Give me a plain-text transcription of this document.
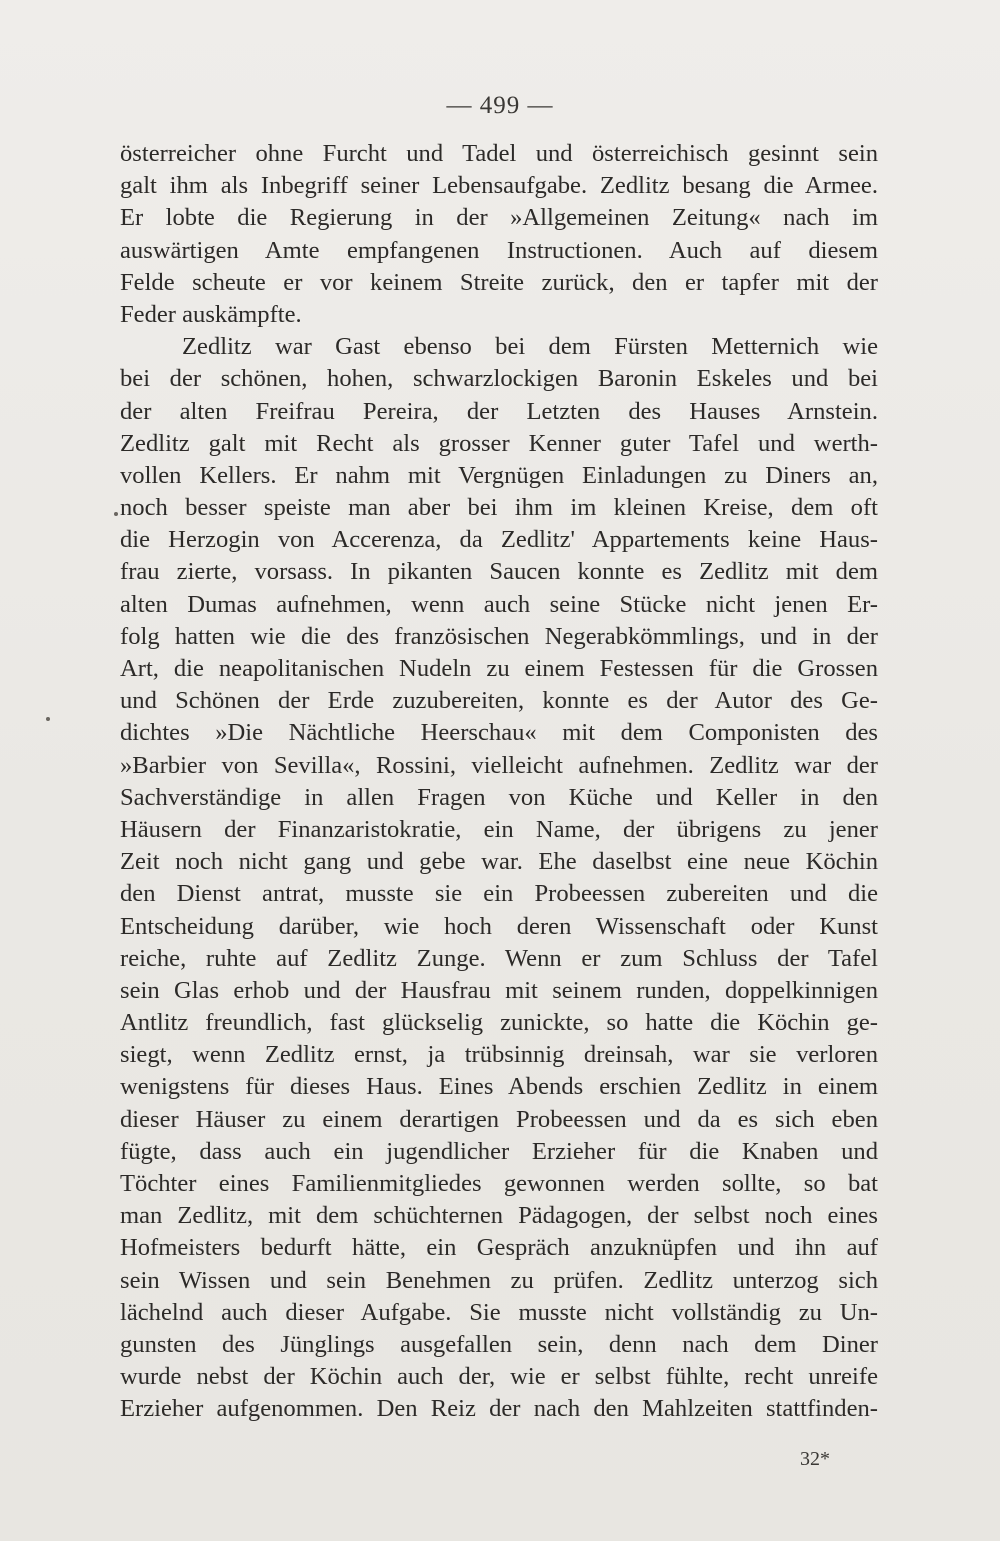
— 499 —
österreicher ohne Furcht und Tadel und österreichisch gesinnt sein
galt ihm als Inbegriff seiner Lebensaufgabe. Zedlitz besang die Armee.
Er lobte die Regierung in der »Allgemeinen Zeitung« nach im
auswärtigen Amte empfangenen Instructionen. Auch auf diesem
Felde scheute er vor keinem Streite zurück, den er tapfer mit der
Feder auskämpfte.
Zedlitz war Gast ebenso bei dem Fürsten Metternich wie
bei der schönen, hohen, schwarzlockigen Baronin Eskeles und bei
der alten Freifrau Pereira, der Letzten des Hauses Arnstein.
Zedlitz galt mit Recht als grosser Kenner guter Tafel und werth-
vollen Kellers. Er nahm mit Vergnügen Einladungen zu Diners an,
noch besser speiste man aber bei ihm im kleinen Kreise, dem oft
die Herzogin von Accerenza, da Zedlitz' Appartements keine Haus-
frau zierte, vorsass. In pikanten Saucen konnte es Zedlitz mit dem
alten Dumas aufnehmen, wenn auch seine Stücke nicht jenen Er-
folg hatten wie die des französischen Negerabkömmlings, und in der
Art, die neapolitanischen Nudeln zu einem Festessen für die Grossen
und Schönen der Erde zuzubereiten, konnte es der Autor des Ge-
dichtes »Die Nächtliche Heerschau« mit dem Componisten des
»Barbier von Sevilla«, Rossini, vielleicht aufnehmen. Zedlitz war der
Sachverständige in allen Fragen von Küche und Keller in den
Häusern der Finanzaristokratie, ein Name, der übrigens zu jener
Zeit noch nicht gang und gebe war. Ehe daselbst eine neue Köchin
den Dienst antrat, musste sie ein Probeessen zubereiten und die
Entscheidung darüber, wie hoch deren Wissenschaft oder Kunst
reiche, ruhte auf Zedlitz Zunge. Wenn er zum Schluss der Tafel
sein Glas erhob und der Hausfrau mit seinem runden, doppelkinnigen
Antlitz freundlich, fast glückselig zunickte, so hatte die Köchin ge-
siegt, wenn Zedlitz ernst, ja trübsinnig dreinsah, war sie verloren
wenigstens für dieses Haus. Eines Abends erschien Zedlitz in einem
dieser Häuser zu einem derartigen Probeessen und da es sich eben
fügte, dass auch ein jugendlicher Erzieher für die Knaben und
Töchter eines Familienmitgliedes gewonnen werden sollte, so bat
man Zedlitz, mit dem schüchternen Pädagogen, der selbst noch eines
Hofmeisters bedurft hätte, ein Gespräch anzuknüpfen und ihn auf
sein Wissen und sein Benehmen zu prüfen. Zedlitz unterzog sich
lächelnd auch dieser Aufgabe. Sie musste nicht vollständig zu Un-
gunsten des Jünglings ausgefallen sein, denn nach dem Diner
wurde nebst der Köchin auch der, wie er selbst fühlte, recht unreife
Erzieher aufgenommen. Den Reiz der nach den Mahlzeiten stattfinden-
32*
